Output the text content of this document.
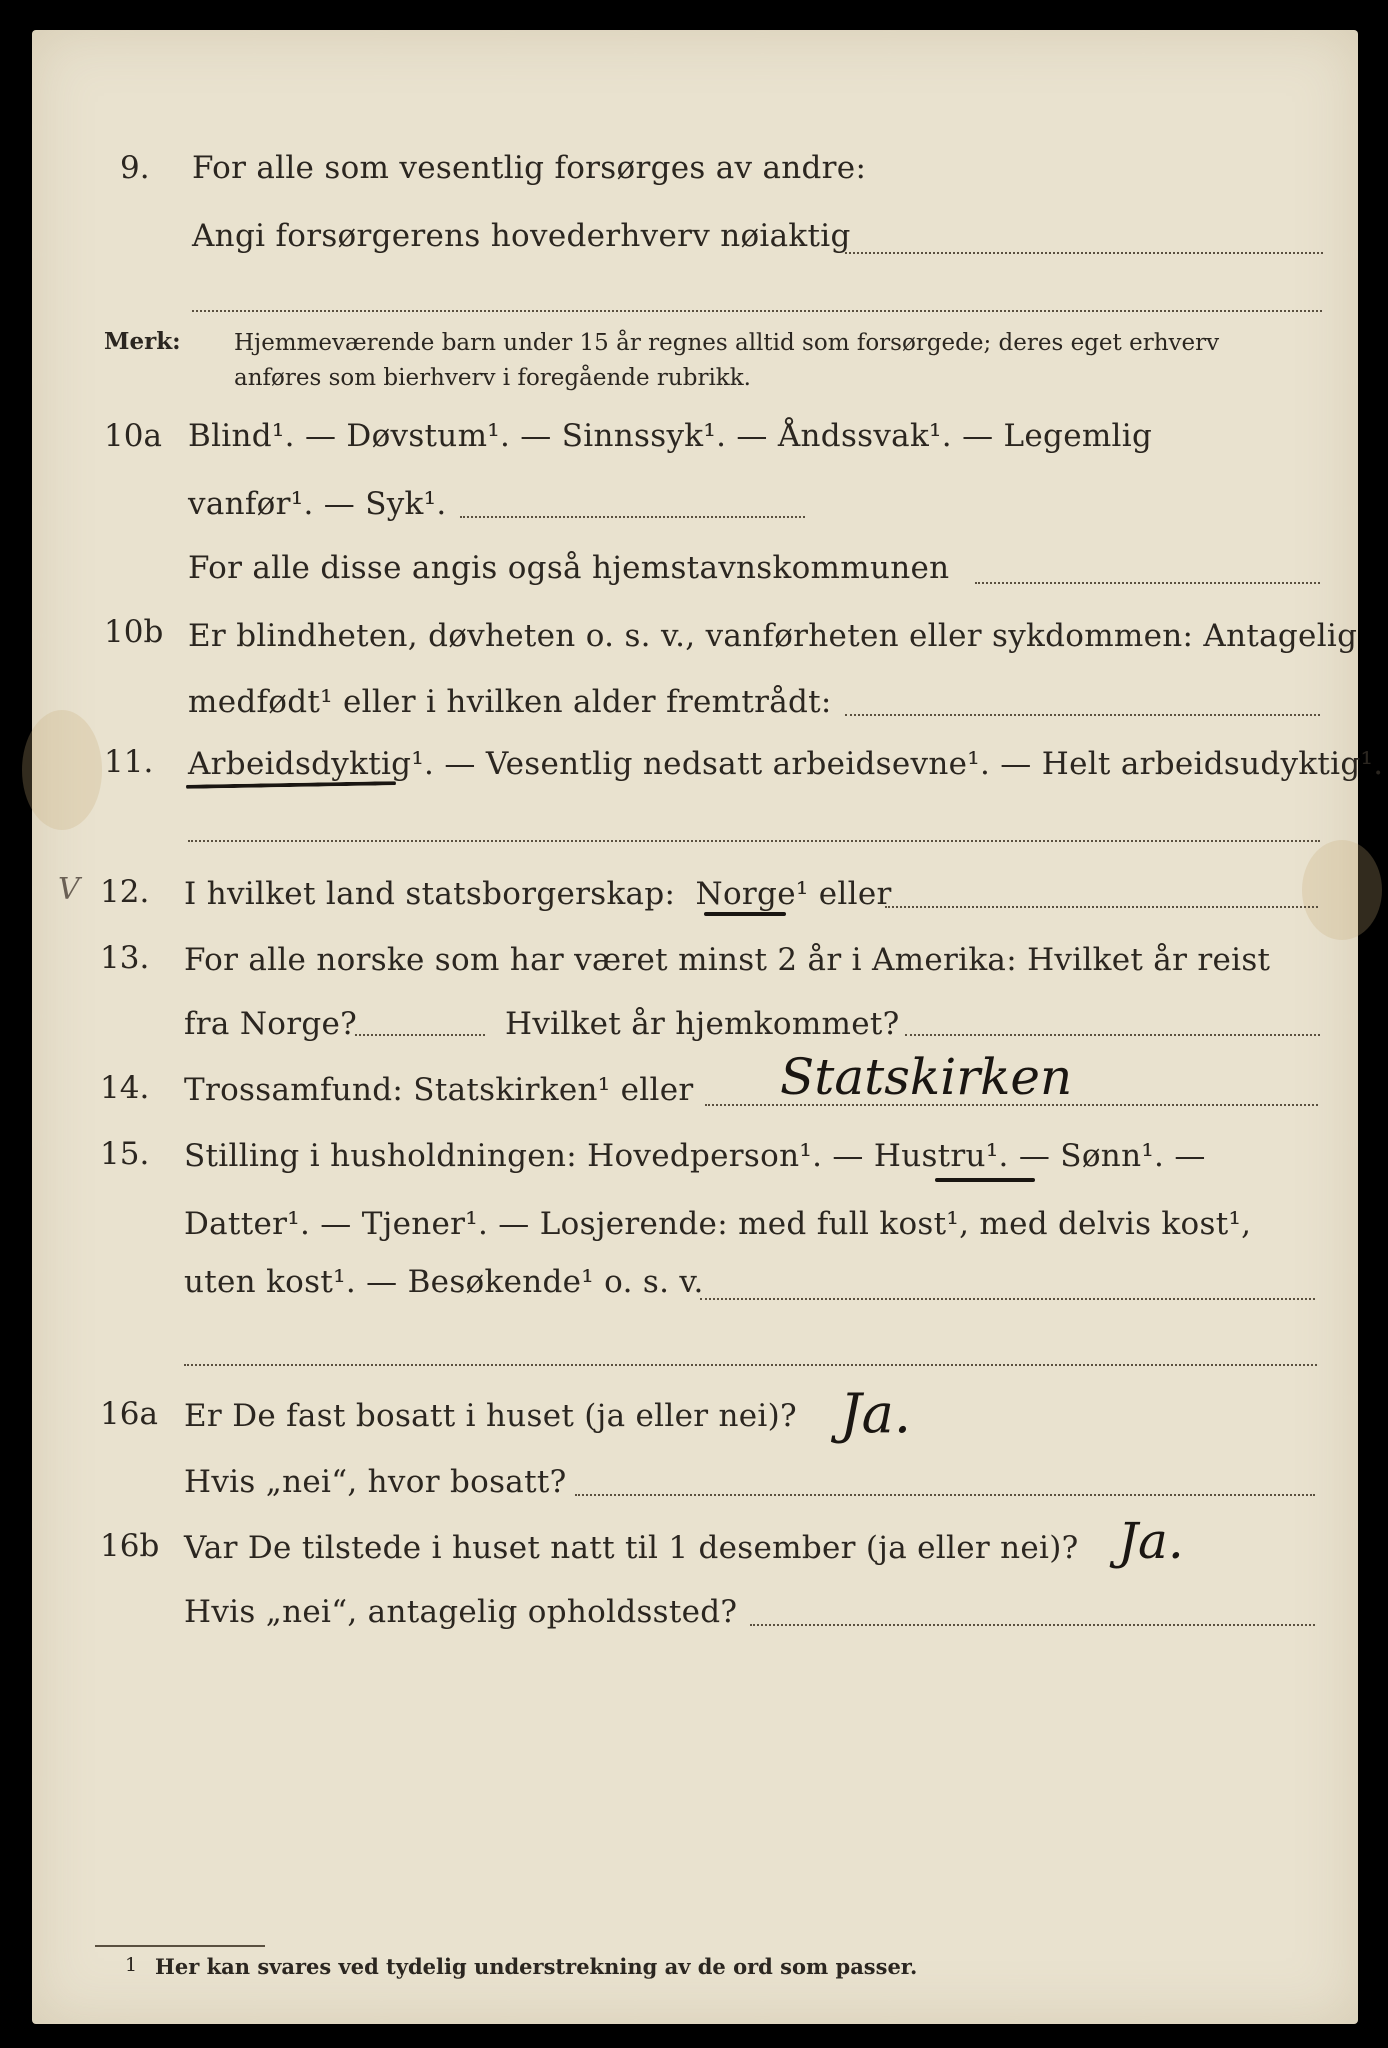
9. For alle som vesentlig forsørges av andre:
Angi forsørgerens hovederhverv nøiaktig
Merk: Hjemmeværende barn under 15 år regnes alltid som forsørgede; deres eget erhverv
anføres som bierhverv i foregående rubrikk.
10a Blind¹. — Døvstum¹. — Sinnssyk¹. — Åndssvak¹. — Legemlig
vanfør¹. — Syk¹.
For alle disse angis også hjemstavnskommunen
10b Er blindheten, døvheten o. s. v., vanførheten eller sykdommen: Antagelig
medfødt¹ eller i hvilken alder fremtrådt:
11. Arbeidsdyktig¹. — Vesentlig nedsatt arbeidsevne¹. — Helt arbeidsudyktig¹.
V 12. I hvilket land statsborgerskap: Norge¹ eller
13. For alle norske som har været minst 2 år i Amerika: Hvilket år reist
fra Norge?	Hvilket år hjemkommet?
14. Trossamfund: Statskirken¹ eller Statskirken
15. Stilling i husholdningen: Hovedperson¹. — Hustru¹. — Sønn¹. —
Datter¹. — Tjener¹. — Losjerende: med full kost¹, med delvis kost¹,
uten kost¹. — Besøkende¹ o. s. v.
16a Er De fast bosatt i huset (ja eller nei)? Ja.
Hvis „nei“, hvor bosatt?
16b Var De tilstede i huset natt til 1 desember (ja eller nei)? Ja.
Hvis „nei“, antagelig opholdssted?
1 Her kan svares ved tydelig understrekning av de ord som passer.
